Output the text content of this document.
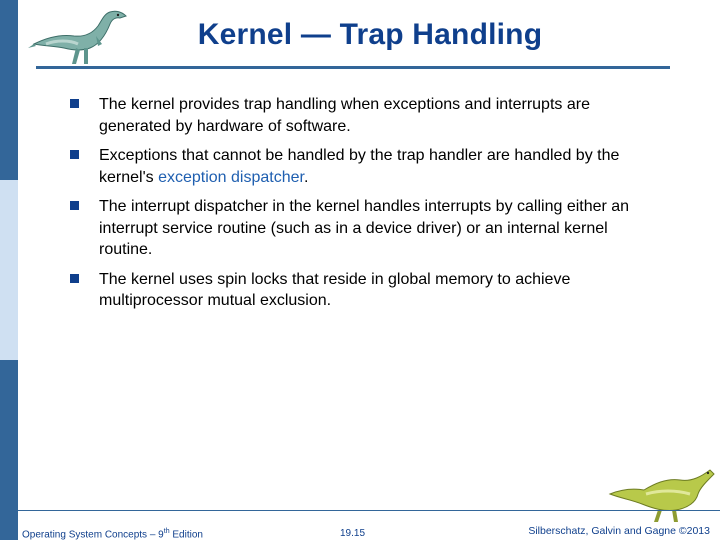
Kernel — Trap Handling
The kernel provides trap handling when exceptions and interrupts are generated by hardware of software.
Exceptions that cannot be handled by the trap handler are handled by the kernel's exception dispatcher.
The interrupt dispatcher in the kernel handles interrupts by calling either an interrupt service routine (such as in a device driver) or an internal kernel routine.
The kernel uses spin locks that reside in global memory to achieve multiprocessor mutual exclusion.
Operating System Concepts – 9th Edition	19.15	Silberschatz, Galvin and Gagne ©2013
